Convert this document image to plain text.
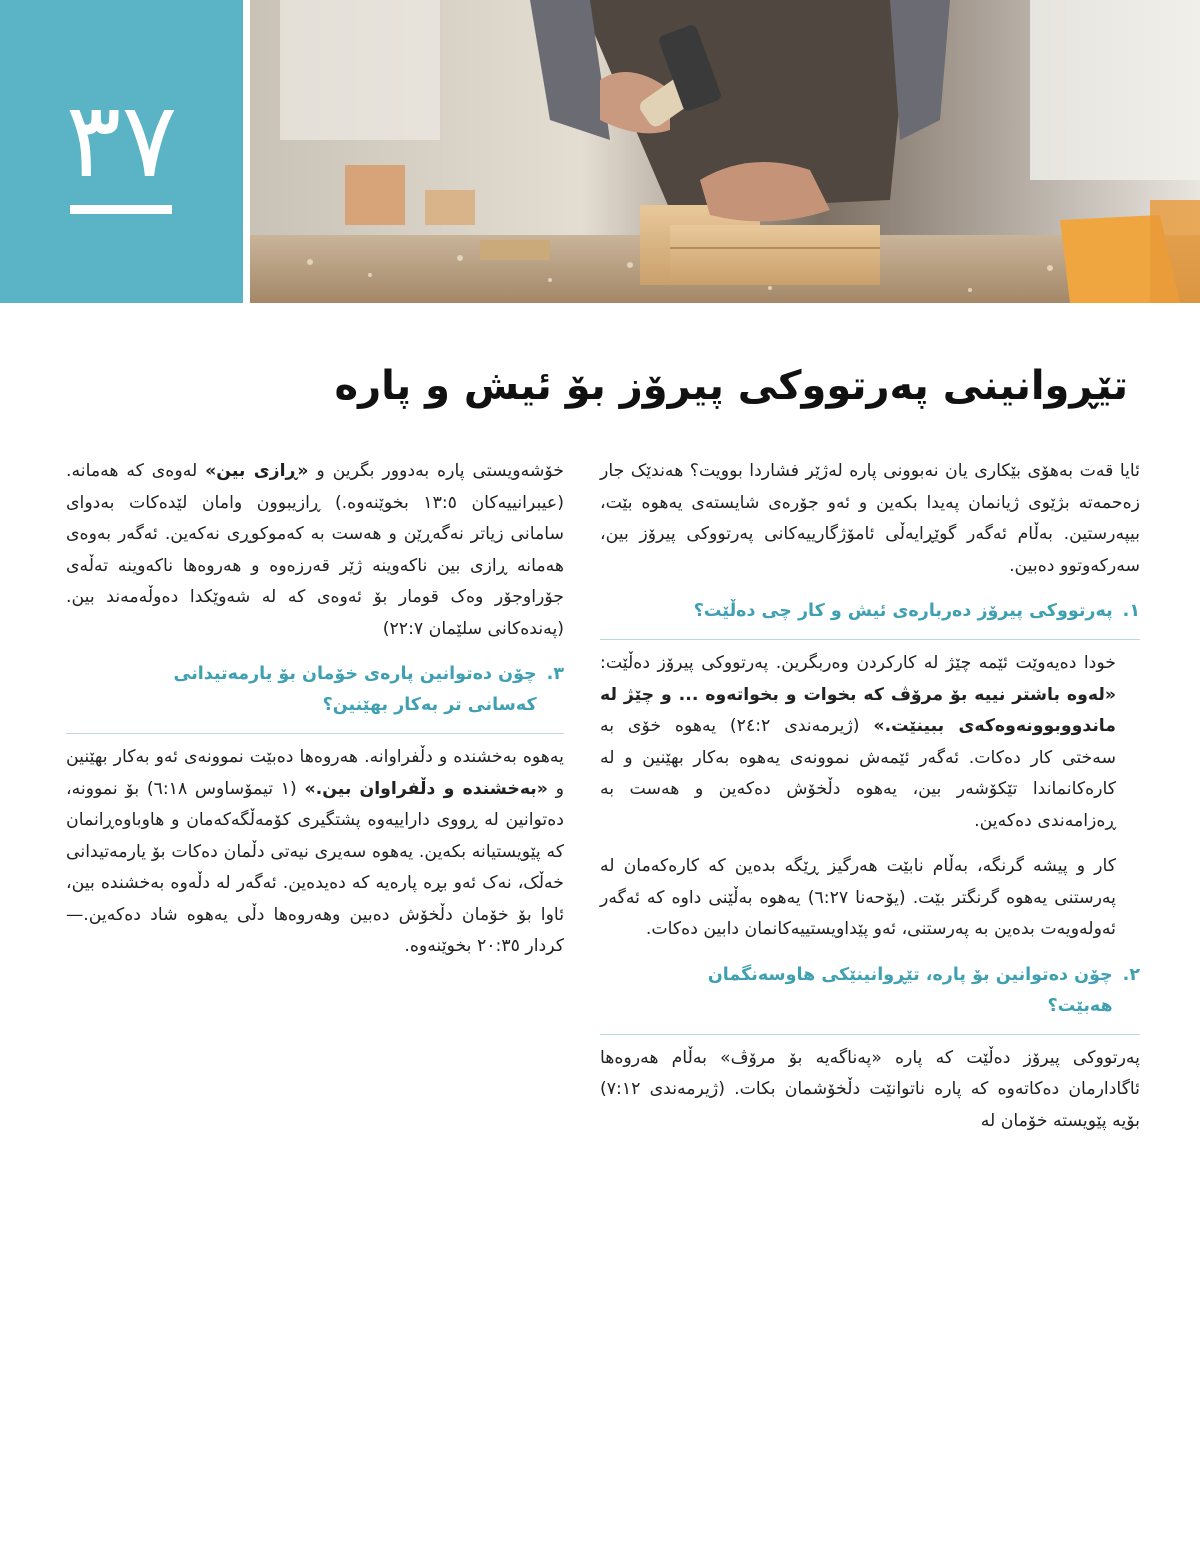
٣٧
تێڕوانینی پەرتووکی پیرۆز بۆ ئیش و پارە

ئایا قەت بەهۆی بێکاری یان نەبوونی پارە لەژێر فشاردا بوویت؟ هەندێک جار زەحمەتە بژێوی ژیانمان پەیدا بکەین و ئەو جۆرەی شایستەی یەهوە بێت، بیپەرستین. بەڵام ئەگەر گوێڕایەڵی ئامۆژگارییەکانی پەرتووکی پیرۆز بین، سەرکەوتوو دەبین.

١.
پەرتووکی پیرۆز دەربارەی ئیش و کار چی دەڵێت؟

خودا دەیەوێت ئێمە چێژ لە کارکردن وەربگرین. پەرتووکی پیرۆز دەڵێت: «لەوە باشتر نییە بۆ مرۆڤ کە بخوات و بخواتەوە ... و چێژ لە ماندووبوونەوەکەی ببینێت.» (ژیرمەندی ٢٤:٢) یەهوە خۆی بە سەختی کار دەکات. ئەگەر ئێمەش نموونەی یەهوە بەکار بهێنین و لە کارەکانماندا تێکۆشەر بین، یەهوە دڵخۆش دەکەین و هەست بە ڕەزامەندی دەکەین.

کار و پیشە گرنگە، بەڵام نابێت هەرگیز ڕێگە بدەین کە کارەکەمان لە پەرستنی یەهوە گرنگتر بێت. (یۆحەنا ٦:٢٧) یەهوە بەڵێنی داوە کە ئەگەر ئەولەویەت بدەین بە پەرستنی، ئەو پێداویستییەکانمان دابین دەکات.

٢.
چۆن دەتوانین بۆ پارە، تێڕوانینێکی هاوسەنگمان هەبێت؟

پەرتووکی پیرۆز دەڵێت کە پارە «پەناگەیە بۆ مرۆڤ» بەڵام هەروەها ئاگادارمان دەکاتەوە کە پارە ناتوانێت دڵخۆشمان بکات. (ژیرمەندی ٧:١٢) بۆیە پێویستە خۆمان لە

خۆشەویستی پارە بەدوور بگرین و «ڕازی بین» لەوەی کە هەمانە. (عیبرانییەکان ١٣:٥ بخوێنەوە.) ڕازیبوون وامان لێدەکات بەدوای سامانی زیاتر نەگەڕێن و هەست بە کەموکوڕی نەکەین. ئەگەر بەوەی هەمانە ڕازی بین ناکەوینە ژێر قەرزەوە و هەروەها ناکەوینە تەڵەی جۆراوجۆر وەک قومار بۆ ئەوەی کە لە شەوێکدا دەوڵەمەند بین. (پەندەکانی سلێمان ٢٢:٧)

٣.
چۆن دەتوانین پارەی خۆمان بۆ یارمەتیدانی کەسانی تر بەکار بهێنین؟

یەهوە بەخشندە و دڵفراوانە. هەروەها دەبێت نموونەی ئەو بەکار بهێنین و «بەخشندە و دڵفراوان بین.» (١ تیمۆساوس ٦:١٨) بۆ نموونە، دەتوانین لە ڕووی داراییەوە پشتگیری کۆمەڵگەکەمان و هاوباوەڕانمان کە پێویستیانە بکەین. یەهوە سەیری نیەتی دڵمان دەکات بۆ یارمەتیدانی خەڵک، نەک ئەو بڕە پارەیە کە دەیدەین. ئەگەر لە دڵەوە بەخشندە بین، ئاوا بۆ خۆمان دڵخۆش دەبین وهەروەها دڵی یەهوە شاد دەکەین.—کردار ٢٠:٣٥ بخوێنەوە.
